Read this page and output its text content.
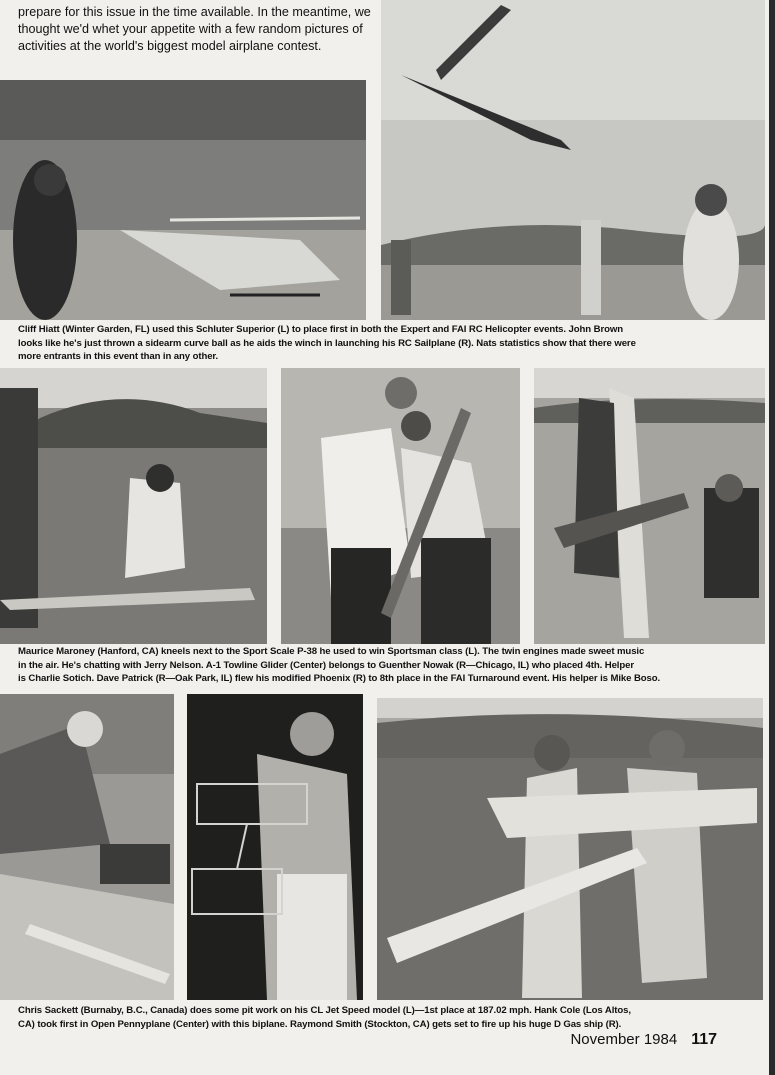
prepare for this issue in the time available. In the meantime, we
thought we'd whet your appetite with a few random pictures of
activities at the world's biggest model airplane contest.
Cliff Hiatt (Winter Garden, FL) used this Schluter Superior (L) to place first in both the Expert and FAI RC Helicopter events. John Brown
looks like he's just thrown a sidearm curve ball as he aids the winch in launching his RC Sailplane (R). Nats statistics show that there were
more entrants in this event than in any other.
Maurice Maroney (Hanford, CA) kneels next to the Sport Scale P-38 he used to win Sportsman class (L). The twin engines made sweet music
in the air. He's chatting with Jerry Nelson. A-1 Towline Glider (Center) belongs to Guenther Nowak (R—Chicago, IL) who placed 4th. Helper
is Charlie Sotich. Dave Patrick (R—Oak Park, IL) flew his modified Phoenix (R) to 8th place in the FAI Turnaround event. His helper is Mike Boso.
Chris Sackett (Burnaby, B.C., Canada) does some pit work on his CL Jet Speed model (L)—1st place at 187.02 mph. Hank Cole (Los Altos,
CA) took first in Open Pennyplane (Center) with this biplane. Raymond Smith (Stockton, CA) gets set to fire up his huge D Gas ship (R).
November 1984 117
